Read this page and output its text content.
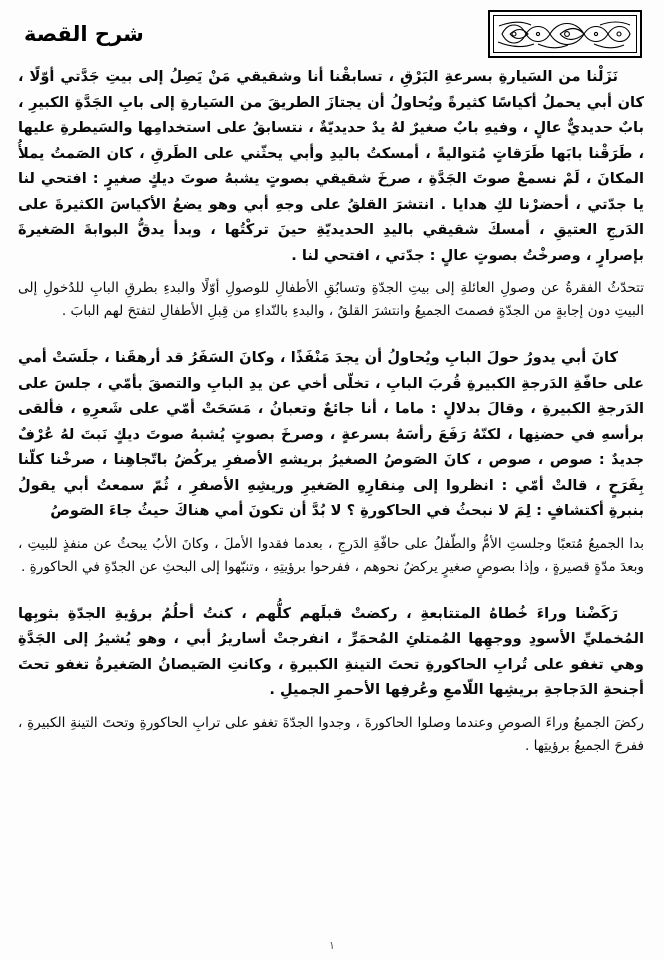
شرح القصة

نَزَلْنا من السَيارةِ بسرعةِ البَرْقِ ، تسابقْنا أنا وشقيقي مَنْ يَصِلُ إلى بيتِ جَدَّتي أوّلًا ، كان أبي يحملُ أكياسًا كثيرةً ويُحاولُ أن يجتازَ الطريقَ من السَيارةِ إلى بابِ الجَدَّةِ الكبيرِ ، بابٌ حديديٌّ عالٍ ، وفيهِ بابٌ صغيرٌ لهُ يدٌ حديديّةٌ ، نتسابقُ على استخدامِها والسَيطرةِ عليها ، طَرَقْنا بابَها طَرَقاتٍ مُتواليةً ، أمسكتُ باليدِ وأبي يحثّني على الطَرقِ ، كان الصَمتُ يملأُ المكانَ ، لَمْ نسمعْ صوتَ الجَدَّةِ ، صرخَ شقيقي بصوتٍ يشبهُ صوتَ ديكٍ صغيرٍ : افتحي لنا يا جدّتي ، أحضرْنا لكِ هدايا . انتشرَ القلقُ على وجهِ أبي وهو يضعُ الأكياسَ الكثيرةَ على الدَرجِ العتيقِ ، أمسكَ شقيقي باليدِ الحديديّةِ حينَ تركْتُها ، وبدأ يدقُّ البوابةَ الصَغيرةَ بإصرارٍ ، وصرخْتُ بصوتٍ عالٍ : جدّتي ، افتحي لنا .

تتحدّثُ الفقرةُ عن وصولِ العائلةِ إلى بيتِ الجدّةِ وتسابُقِ الأطفالِ للوصولِ أوّلًا والبدءِ بطرقِ البابِ للدُخولِ إلى البيتِ دون إجابةٍ من الجدّةِ فصمتَ الجميعُ وانتشرَ القلقُ ، والبدءِ بالنّداءِ من قِبلِ الأطفالِ لتفتحَ لهم البابَ .

كانَ أبي يدورُ حولَ البابِ ويُحاولُ أن يجدَ مَنْفَذًا ، وكانَ السَفَرُ قد أرهقَنا ، جلَسَتْ أمي على حافّةِ الدَرجةِ الكبيرةِ قُربَ البابِ ، تخلّى أخي عن يدِ البابِ والتصقَ بأمّي ، جلسَ على الدَرجةِ الكبيرةِ ، وقالَ بدلالٍ : ماما ، أنا جائعٌ وتعبانُ ، مَسَحَتْ أمّي على شَعرِهِ ، فألقى برأسهِ في حضنِها ، لكنّهُ رَفَعَ رأسَهُ بسرعةٍ ، وصرخَ بصوتٍ يُشبهُ صوتَ ديكٍ نَبتَ لهُ عُرْفٌ جديدٌ : صوص ، صوص ، كانَ الصَوصُ الصغيرُ بريشهِ الأصفرِ يركُضُ باتّجاهِنا ، صرخْنا كلّنا بِفَرَحٍ ، قالتْ أمّي : انظروا إلى مِنقارِهِ الصَغيرِ وريشِهِ الأصفرِ ، ثُمّ سمعتُ أبي يقولُ بنبرةِ أكتشافٍ : لِمَ لا نبحثُ في الحاكورةِ ؟ لا بُدَّ أن تكونَ أمي هناكَ حيثُ جاءَ الصَوصُ

بدا الجميعُ مُتعبًا وجلستِ الأمُّ والطّفلُ على حافّةِ الدَرجِ ، بعدما فقدوا الأملَ ، وكانَ الأبُ يبحثُ عن منفذٍ للبيتِ ، وبعدَ مدّةٍ قصيرةٍ ، وإذا بصوصٍ صغيرٍ يركضُ نحوهم ، ففرحوا برؤيتِهِ ، وتنبّهوا إلى البحثِ عن الجدّةِ في الحاكورةِ .

رَكَضْنا وراءَ خُطاهُ المتتابعةِ ، ركضتْ قبلَهم كلُّهم ، كنتُ أحلُمُ برؤيةِ الجدّةِ بثوبِها المُخمليِّ الأسودِ ووجهِها المُمتلئِ المُحمَرِّ ، انفرجتْ أساريرُ أبي ، وهو يُشيرُ إلى الجَدَّةِ وهي تغفو على تُرابِ الحاكورةِ تحتَ التينةِ الكبيرةِ ، وكانتِ الصَيصانُ الصَغيرةُ تغفو تحتَ أجنحةِ الدَجاجةِ بريشِها اللّامعِ وعُرفِها الأحمرِ الجميلِ .

ركضَ الجميعُ وراءَ الصوصِ وعندما وصلوا الحاكورةَ ، وجدوا الجدّةَ تغفو على ترابِ الحاكورةِ وتحتَ التينةِ الكبيرةِ ، ففرحَ الجميعُ برؤيتِها .

١
